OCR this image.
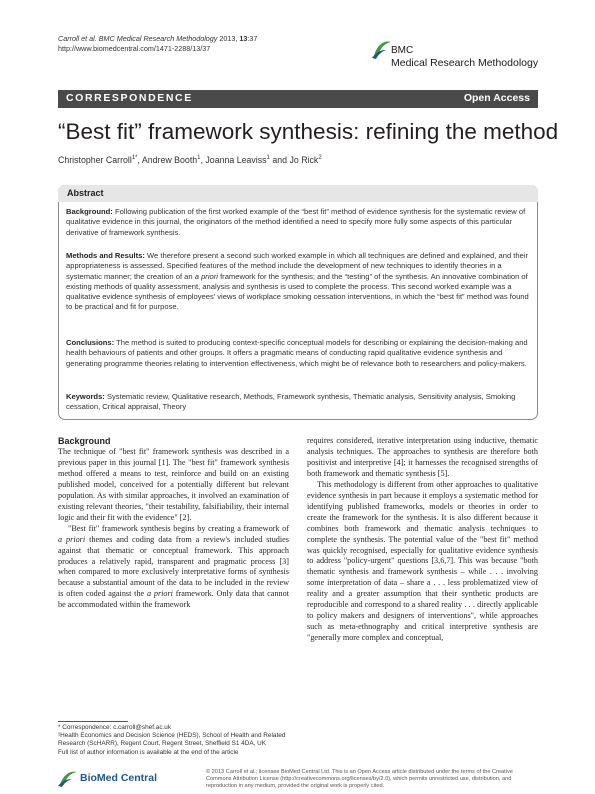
Carroll et al. BMC Medical Research Methodology 2013, 13:37
http://www.biomedcentral.com/1471-2288/13/37	BMC
Medical Research Methodology
CORRESPONDENCE	Open Access
“Best fit” framework synthesis: refining the method
Christopher Carroll$^{1*}$, Andrew Booth$^1$, Joanna Leaviss$^1$ and Jo Rick$^2$
Abstract
Background: Following publication of the first worked example of the “best fit” method of evidence synthesis for the systematic review of qualitative evidence in this journal, the originators of the method identified a need to specify more fully some aspects of this particular derivative of framework synthesis.
Methods and Results: We therefore present a second such worked example in which all techniques are defined and explained, and their appropriateness is assessed. Specified features of the method include the development of new techniques to identify theories in a systematic manner; the creation of an a priori framework for the synthesis; and the “testing” of the synthesis. An innovative combination of existing methods of quality assessment, analysis and synthesis is used to complete the process. This second worked example was a qualitative evidence synthesis of employees’ views of workplace smoking cessation interventions, in which the “best fit” method was found to be practical and fit for purpose.
Conclusions: The method is suited to producing context-specific conceptual models for describing or explaining the decision-making and health behaviours of patients and other groups. It offers a pragmatic means of conducting rapid qualitative evidence synthesis and generating programme theories relating to intervention effectiveness, which might be of relevance both to researchers and policy-makers.
Keywords: Systematic review, Qualitative research, Methods, Framework synthesis, Thematic analysis, Sensitivity analysis, Smoking cessation, Critical appraisal, Theory
Background

The technique of "best fit" framework synthesis was described in a previous paper in this journal [1]. The "best fit" framework synthesis method offered a means to test, reinforce and build on an existing published model, conceived for a potentially different but relevant population. As with similar approaches, it involved an examination of existing relevant theories, "their testability, falsifiability, their internal logic and their fit with the evidence" [2].

"Best fit" framework synthesis begins by creating a framework of a priori themes and coding data from a review's included studies against that thematic or conceptual framework. This approach produces a relatively rapid, transparent and pragmatic process [3] when compared to more exclusively interpretative forms of synthesis because a substantial amount of the data to be included in the review is often coded against the a priori framework. Only data that cannot be accommodated within the framework

requires considered, iterative interpretation using inductive, thematic analysis techniques. The approaches to synthesis are therefore both positivist and interpretive [4]; it harnesses the recognised strengths of both framework and thematic synthesis [5].

This methodology is different from other approaches to qualitative evidence synthesis in part because it employs a systematic method for identifying published frameworks, models or theories in order to create the framework for the synthesis. It is also different because it combines both framework and thematic analysis techniques to complete the synthesis. The potential value of the "best fit" method was quickly recognised, especially for qualitative evidence synthesis to address "policy-urgent" questions [3,6,7]. This was because "both thematic synthesis and framework synthesis – while . . . involving some interpretation of data – share a . . . less problematized view of reality and a greater assumption that their synthetic products are reproducible and correspond to a shared reality . . . directly applicable to policy makers and designers of interventions", while approaches such as meta-ethnography and critical interpretive synthesis are "generally more complex and conceptual,

* Correspondence: c.carroll@shef.ac.uk

¹Health Economics and Decision Science (HEDS), School of Health and Related Research (ScHARR), Regent Court, Regent Street, Sheffield S1 4DA, UK

Full list of author information is available at the end of the article

BioMed Central	© 2013 Carroll et al.; licensee BioMed Central Ltd. This is an Open Access article distributed under the terms of the Creative Commons Attribution License (http://creativecommons.org/licenses/by/2.0), which permits unrestricted use, distribution, and reproduction in any medium, provided the original work is properly cited.
